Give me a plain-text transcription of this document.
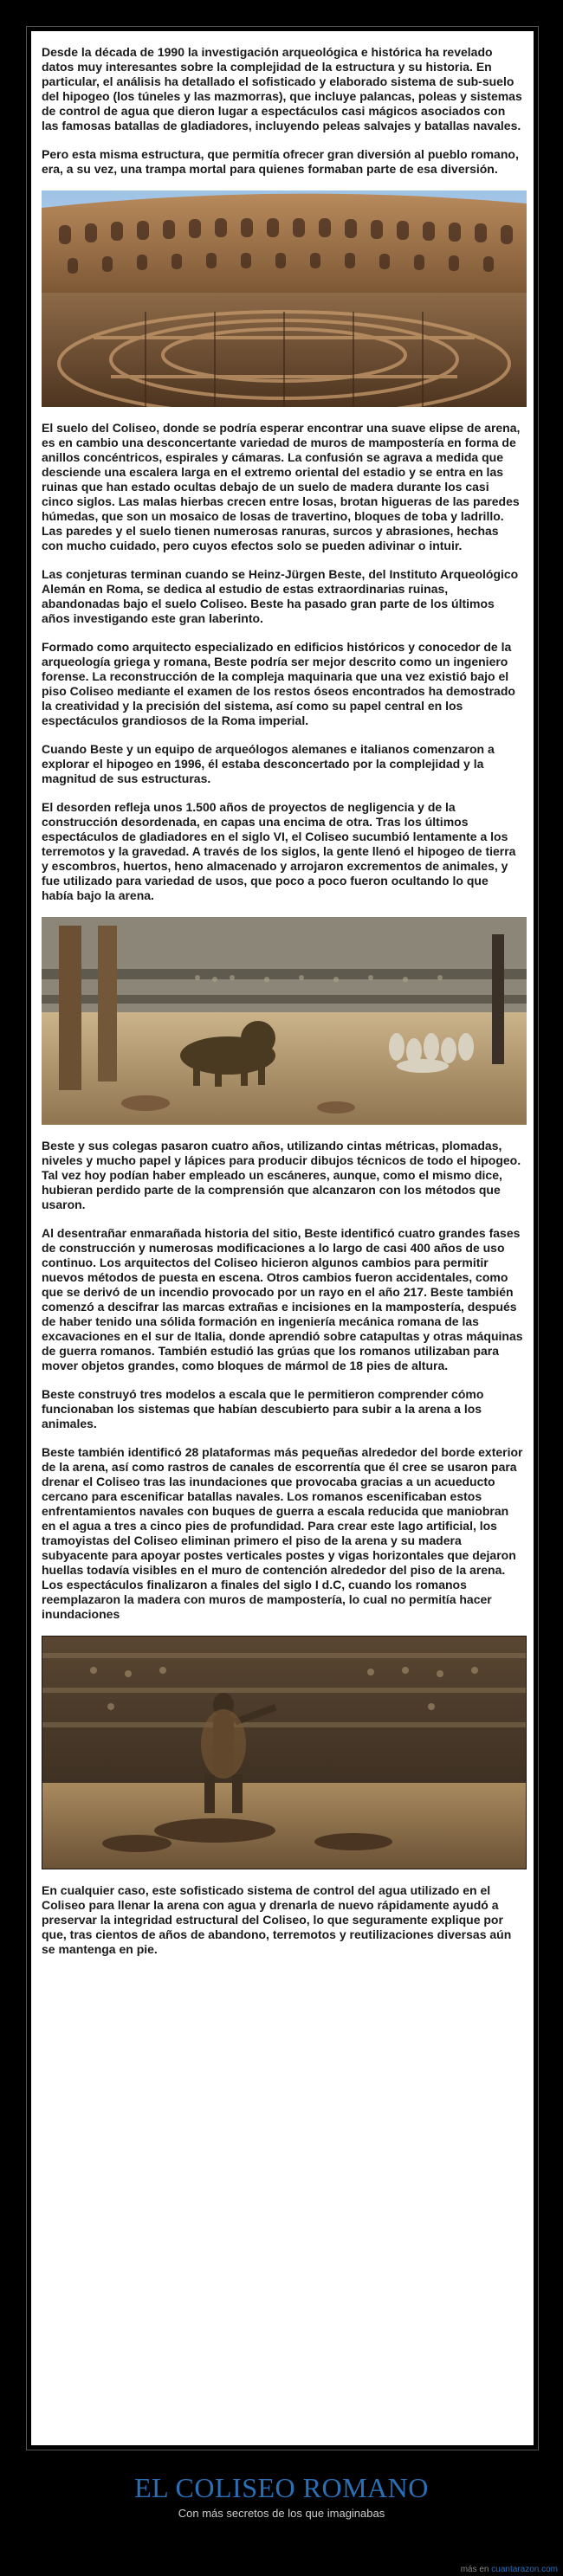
Desde la década de 1990 la investigación arqueológica e histórica ha revelado datos muy interesantes sobre la complejidad de la estructura y su historia. En particular, el análisis ha detallado el sofisticado y elaborado sistema de sub-suelo del hipogeo (los túneles y las mazmorras), que incluye palancas, poleas y sistemas de control de agua que dieron lugar a espectáculos casi mágicos asociados con las famosas batallas de gladiadores, incluyendo peleas salvajes y batallas navales.

Pero esta misma estructura, que permitía ofrecer gran diversión al pueblo romano, era, a su vez, una trampa mortal para quienes formaban parte de esa diversión.

El suelo del Coliseo, donde se podría esperar encontrar una suave elipse de arena, es en cambio una desconcertante variedad de muros de mampostería en forma de anillos concéntricos, espirales y cámaras. La confusión se agrava a medida que desciende una escalera larga en el extremo oriental del estadio y se entra en las ruinas que han estado ocultas debajo de un suelo de madera durante los casi cinco siglos. Las malas hierbas crecen entre losas, brotan higueras de las paredes húmedas, que son un mosaico de losas de travertino, bloques de toba y ladrillo. Las paredes y el suelo tienen numerosas ranuras, surcos y abrasiones, hechas con mucho cuidado, pero cuyos efectos solo se pueden adivinar o intuir.

Las conjeturas terminan cuando se Heinz-Jürgen Beste, del Instituto Arqueológico Alemán en Roma, se dedica al estudio de estas extraordinarias ruinas, abandonadas bajo el suelo Coliseo. Beste ha pasado gran parte de los últimos años investigando este gran laberinto.

Formado como arquitecto especializado en edificios históricos y conocedor de la arqueología griega y romana, Beste podría ser mejor descrito como un ingeniero forense. La reconstrucción de la compleja maquinaria que una vez existió bajo el piso Coliseo mediante el examen de los restos óseos encontrados ha demostrado la creatividad y la precisión del sistema, así como su papel central en los espectáculos grandiosos de la Roma imperial.

Cuando Beste y un equipo de arqueólogos alemanes e italianos comenzaron a explorar el hipogeo en 1996, él estaba desconcertado por la complejidad y la magnitud de sus estructuras.

El desorden refleja unos 1.500 años de proyectos de negligencia y de la construcción desordenada, en capas una encima de otra. Tras los últimos espectáculos de gladiadores en el siglo VI, el Coliseo sucumbió lentamente a los terremotos y la gravedad. A través de los siglos, la gente llenó el hipogeo de tierra y escombros, huertos, heno almacenado y arrojaron excrementos de animales, y fue utilizado para variedad de usos, que poco a poco fueron ocultando lo que había bajo la arena.

Beste y sus colegas pasaron cuatro años, utilizando cintas métricas, plomadas, niveles y mucho papel y lápices para producir dibujos técnicos de todo el hipogeo. Tal vez hoy podían haber empleado un escáneres, aunque, como el mismo dice, hubieran perdido parte de la comprensión que alcanzaron con los métodos que usaron.

Al desentrañar enmarañada historia del sitio, Beste identificó cuatro grandes fases de construcción y numerosas modificaciones a lo largo de casi 400 años de uso continuo. Los arquitectos del Coliseo hicieron algunos cambios para permitir nuevos métodos de puesta en escena. Otros cambios fueron accidentales, como que se derivó de un incendio provocado por un rayo en el año 217. Beste también comenzó a descifrar las marcas extrañas e incisiones en la mampostería, después de haber tenido una sólida formación en ingeniería mecánica romana de las excavaciones en el sur de Italia, donde aprendió sobre catapultas y otras máquinas de guerra romanos. También estudió las grúas que los romanos utilizaban para mover objetos grandes, como bloques de mármol de 18 pies de altura.

Beste construyó tres modelos a escala que le permitieron comprender cómo funcionaban los sistemas que habían descubierto para subir a la arena a los animales.

Beste también identificó 28 plataformas más pequeñas alrededor del borde exterior de la arena, así como rastros de canales de escorrentía que él cree se usaron para drenar el Coliseo tras las inundaciones que provocaba gracias a un acueducto cercano para escenificar batallas navales. Los romanos escenificaban estos enfrentamientos navales con buques de guerra a escala reducida que maniobran en el agua a tres a cinco pies de profundidad. Para crear este lago artificial, los tramoyistas del Coliseo eliminan primero el piso de la arena y su madera subyacente para apoyar postes verticales postes y vigas horizontales que dejaron huellas todavía visibles en el muro de contención alrededor del piso de la arena. Los espectáculos finalizaron a finales del siglo I d.C, cuando los romanos reemplazaron la madera con muros de mampostería, lo cual no permitía hacer inundaciones

En cualquier caso, este sofisticado sistema de control del agua utilizado en el Coliseo para llenar la arena con agua y drenarla de nuevo rápidamente ayudó a preservar la integridad estructural del Coliseo, lo que seguramente explique por que, tras cientos de años de abandono, terremotos y reutilizaciones diversas aún se mantenga en pie.

EL COLISEO ROMANO
Con más secretos de los que imaginabas
más en cuantarazon.com
